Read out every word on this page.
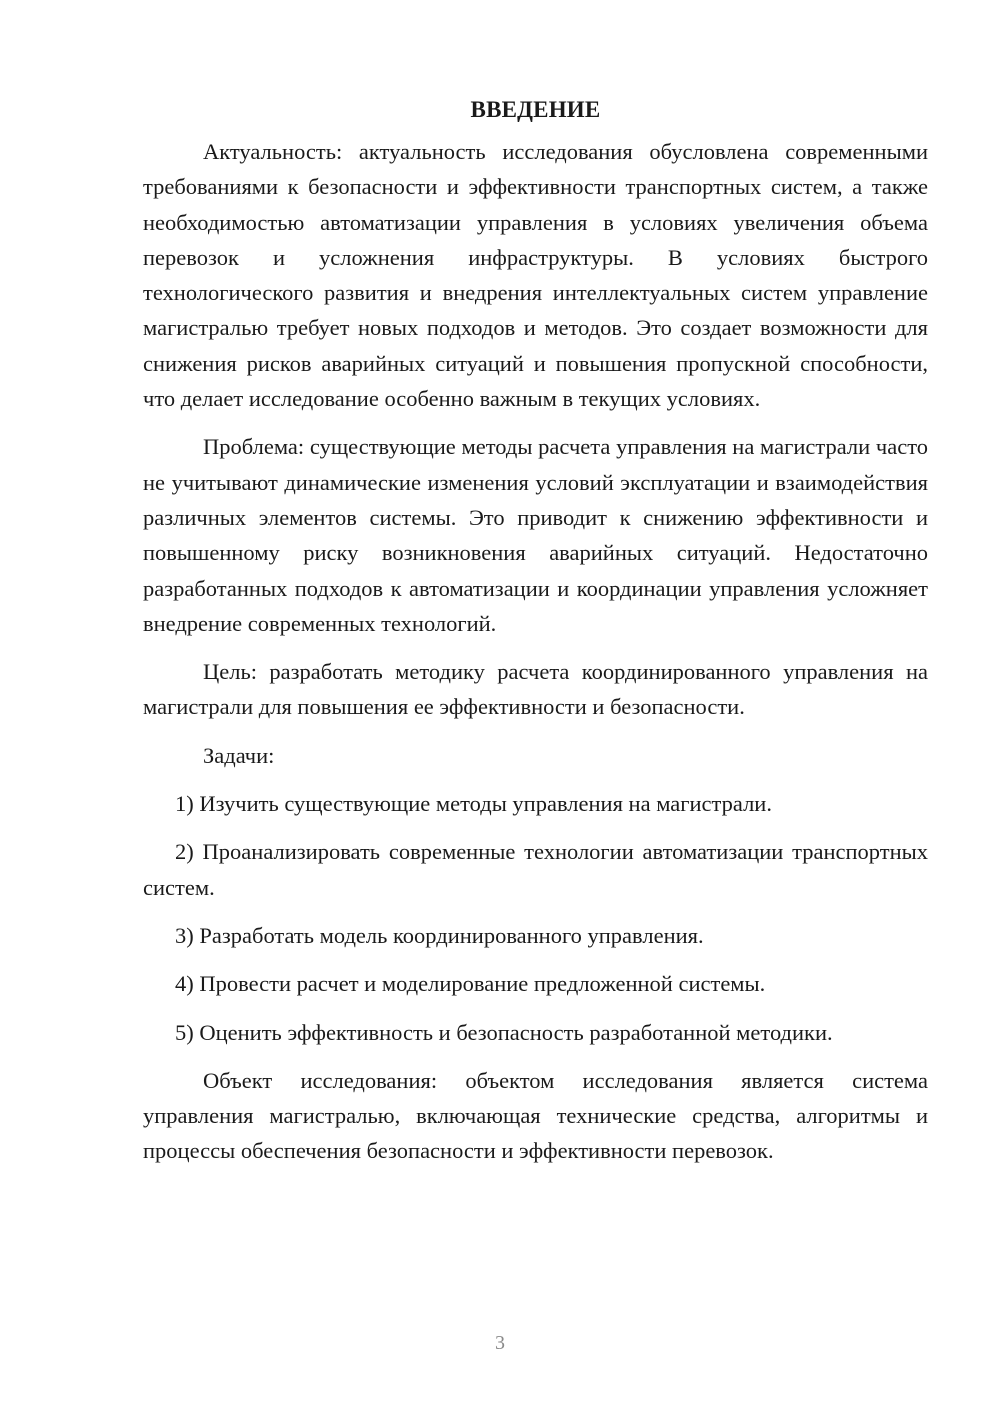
ВВЕДЕНИЕ

Актуальность: актуальность исследования обусловлена современными требованиями к безопасности и эффективности транспортных систем, а также необходимостью автоматизации управления в условиях увеличения объема перевозок и усложнения инфраструктуры. В условиях быстрого технологического развития и внедрения интеллектуальных систем управление магистралью требует новых подходов и методов. Это создает возможности для снижения рисков аварийных ситуаций и повышения пропускной способности, что делает исследование особенно важным в текущих условиях.

Проблема: существующие методы расчета управления на магистрали часто не учитывают динамические изменения условий эксплуатации и взаимодействия различных элементов системы. Это приводит к снижению эффективности и повышенному риску возникновения аварийных ситуаций. Недостаточно разработанных подходов к автоматизации и координации управления усложняет внедрение современных технологий.

Цель: разработать методику расчета координированного управления на магистрали для повышения ее эффективности и безопасности.

Задачи:

1) Изучить существующие методы управления на магистрали.

2) Проанализировать современные технологии автоматизации транспортных систем.

3) Разработать модель координированного управления.

4) Провести расчет и моделирование предложенной системы.

5) Оценить эффективность и безопасность разработанной методики.

Объект исследования: объектом исследования является система управления магистралью, включающая технические средства, алгоритмы и процессы обеспечения безопасности и эффективности перевозок.

3
